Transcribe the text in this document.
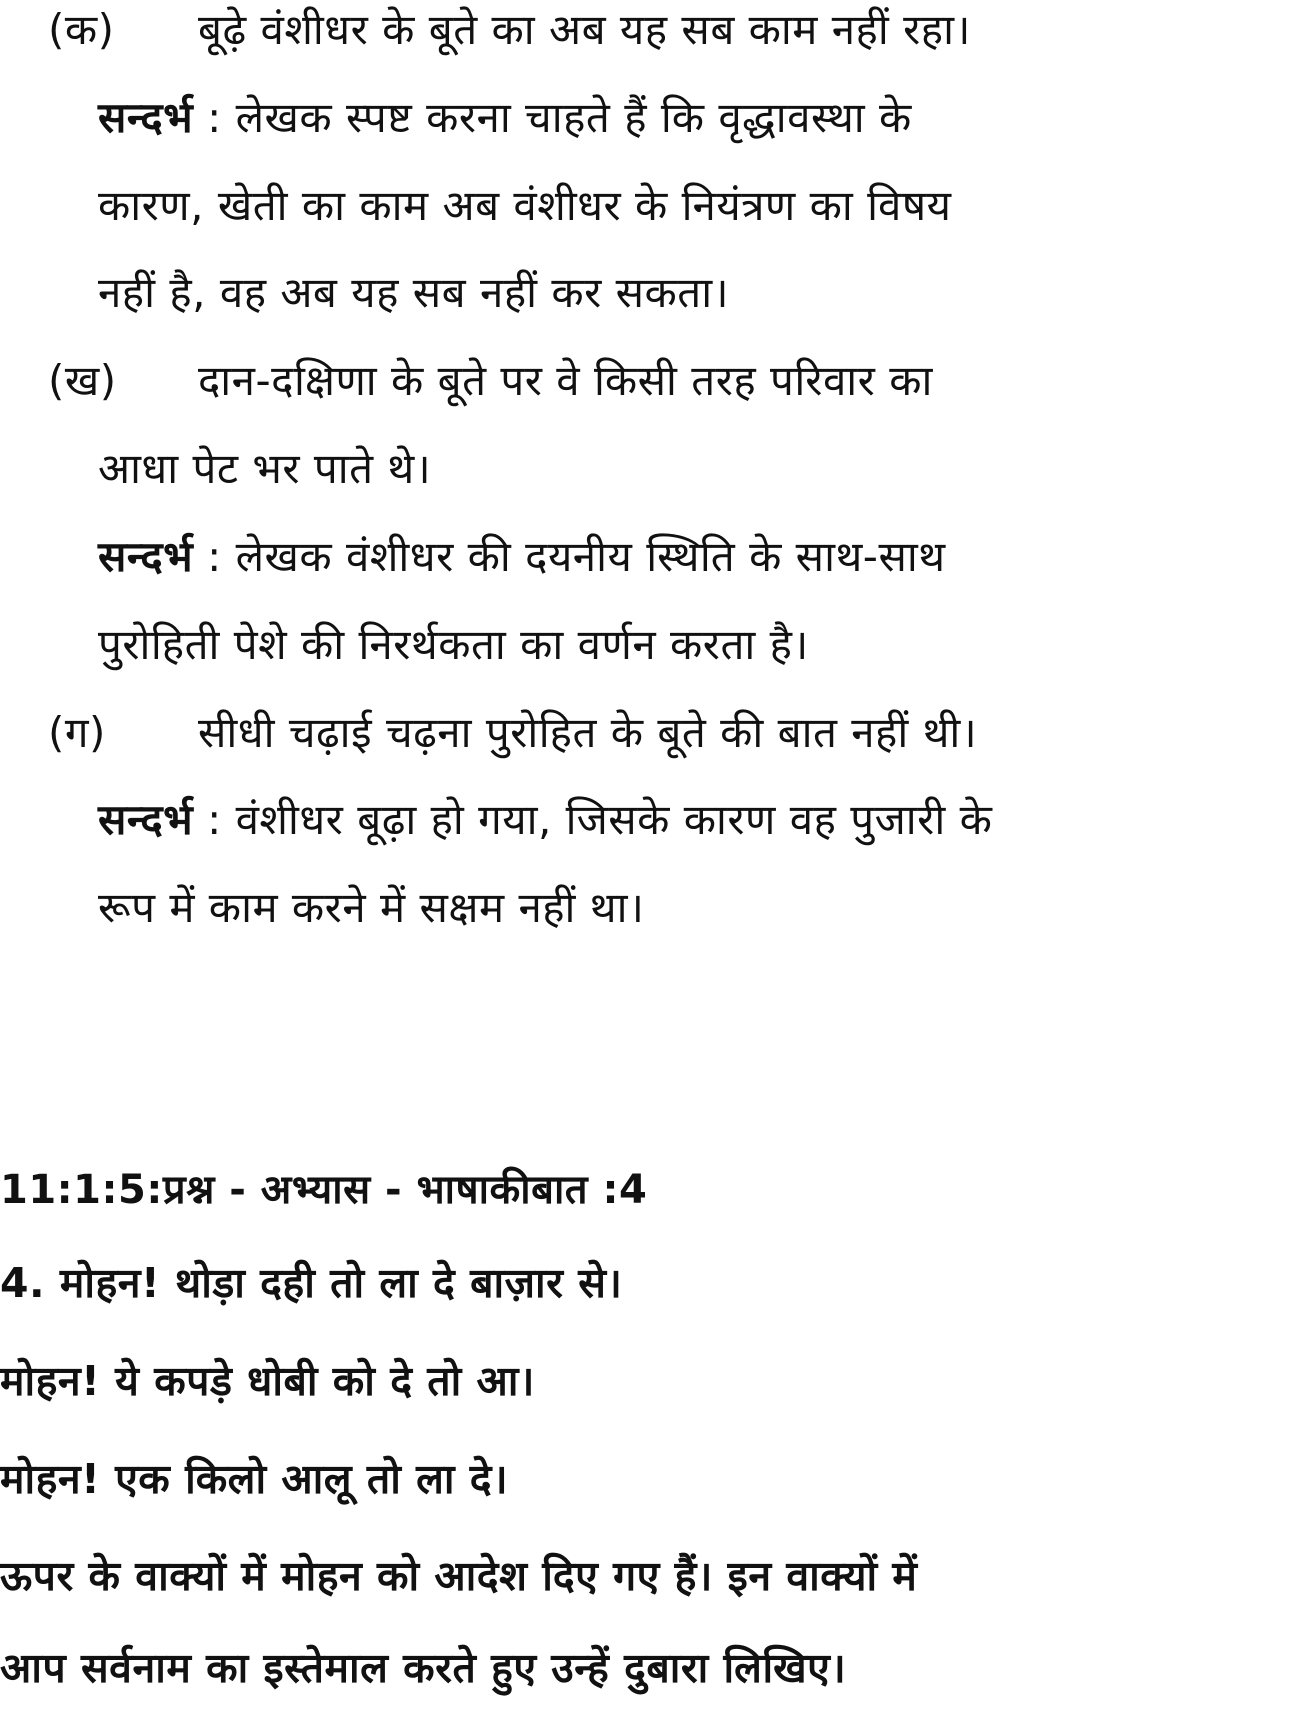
(क) बूढ़े वंशीधर के बूते का अब यह सब काम नहीं रहा।
सन्दर्भ : लेखक स्पष्ट करना चाहते हैं कि वृद्धावस्था के
कारण, खेती का काम अब वंशीधर के नियंत्रण का विषय
नहीं है, वह अब यह सब नहीं कर सकता।
(ख) दान-दक्षिणा के बूते पर वे किसी तरह परिवार का
आधा पेट भर पाते थे।
सन्दर्भ : लेखक वंशीधर की दयनीय स्थिति के साथ-साथ
पुरोहिती पेशे की निरर्थकता का वर्णन करता है।
(ग) सीधी चढ़ाई चढ़ना पुरोहित के बूते की बात नहीं थी।
सन्दर्भ : वंशीधर बूढ़ा हो गया, जिसके कारण वह पुजारी के
रूप में काम करने में सक्षम नहीं था।
11:1:5:प्रश्न - अभ्यास - भाषाकीबात :4
4. मोहन! थोड़ा दही तो ला दे बाज़ार से।
मोहन! ये कपड़े धोबी को दे तो आ।
मोहन! एक किलो आलू तो ला दे।
ऊपर के वाक्यों में मोहन को आदेश दिए गए हैं। इन वाक्यों में
आप सर्वनाम का इस्तेमाल करते हुए उन्हें दुबारा लिखिए।
